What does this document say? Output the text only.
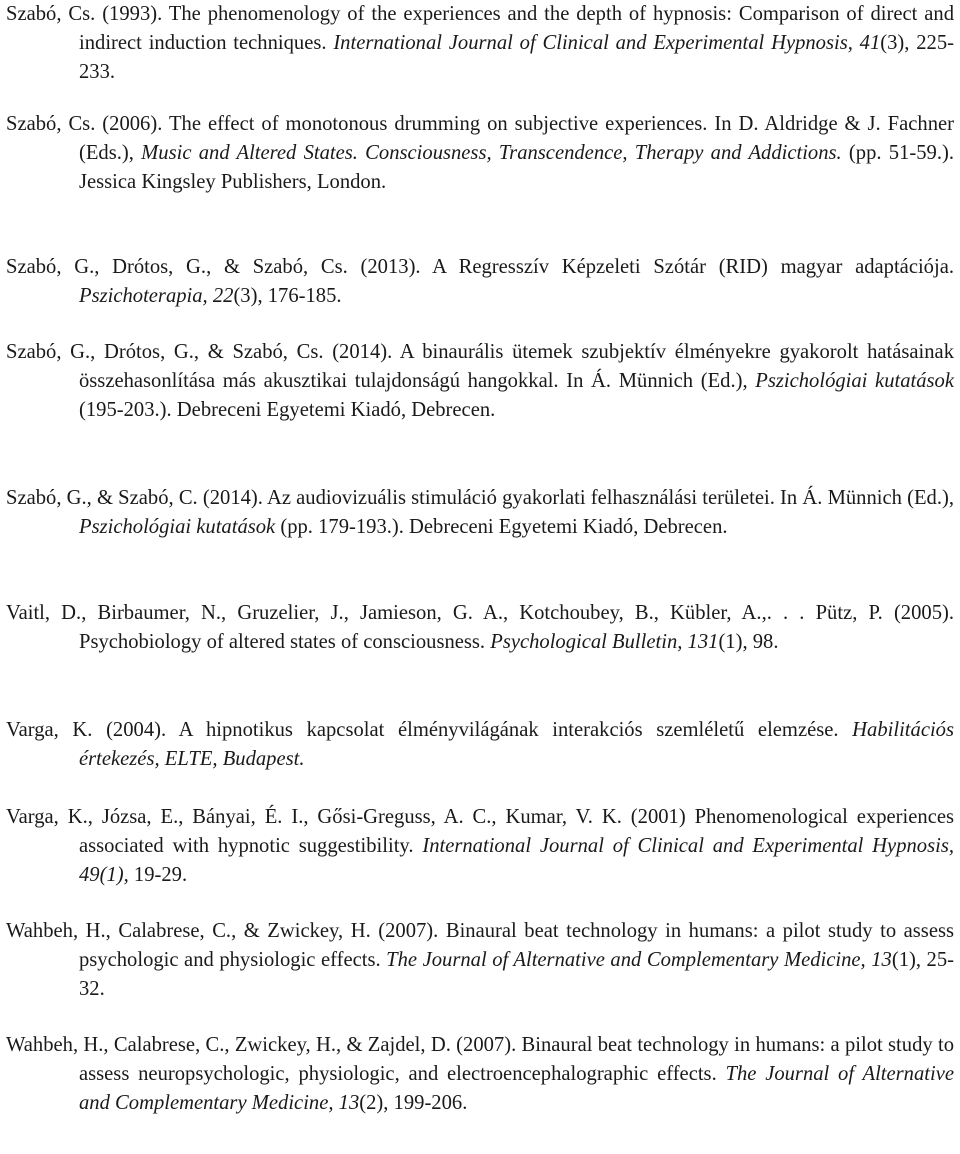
Szabó, Cs. (1993). The phenomenology of the experiences and the depth of hypnosis: Comparison of direct and indirect induction techniques. International Journal of Clinical and Experimental Hypnosis, 41(3), 225-233.

Szabó, Cs. (2006). The effect of monotonous drumming on subjective experiences. In D. Aldridge & J. Fachner (Eds.), Music and Altered States. Consciousness, Transcendence, Therapy and Addictions. (pp. 51-59.). Jessica Kingsley Publishers, London.

Szabó, G., Drótos, G., & Szabó, Cs. (2013). A Regresszív Képzeleti Szótár (RID) magyar adaptációja. Pszichoterapia, 22(3), 176-185.

Szabó, G., Drótos, G., & Szabó, Cs. (2014). A binaurális ütemek szubjektív élményekre gyakorolt hatásainak összehasonlítása más akusztikai tulajdonságú hangokkal. In Á. Münnich (Ed.), Pszichológiai kutatások (195-203.). Debreceni Egyetemi Kiadó, Debrecen.

Szabó, G., & Szabó, C. (2014). Az audiovizuális stimuláció gyakorlati felhasználási területei. In Á. Münnich (Ed.), Pszichológiai kutatások (pp. 179-193.). Debreceni Egyetemi Kiadó, Debrecen.

Vaitl, D., Birbaumer, N., Gruzelier, J., Jamieson, G. A., Kotchoubey, B., Kübler, A.,. . . Pütz, P. (2005). Psychobiology of altered states of consciousness. Psychological Bulletin, 131(1), 98.

Varga, K. (2004). A hipnotikus kapcsolat élményvilágának interakciós szemléletű elemzése. Habilitációs értekezés, ELTE, Budapest.

Varga, K., Józsa, E., Bányai, É. I., Gősi-Greguss, A. C., Kumar, V. K. (2001) Phenomenological experiences associated with hypnotic suggestibility. International Journal of Clinical and Experimental Hypnosis, 49(1), 19-29.

Wahbeh, H., Calabrese, C., & Zwickey, H. (2007). Binaural beat technology in humans: a pilot study to assess psychologic and physiologic effects. The Journal of Alternative and Complementary Medicine, 13(1), 25-32.

Wahbeh, H., Calabrese, C., Zwickey, H., & Zajdel, D. (2007). Binaural beat technology in humans: a pilot study to assess neuropsychologic, physiologic, and electroencephalographic effects. The Journal of Alternative and Complementary Medicine, 13(2), 199-206.
